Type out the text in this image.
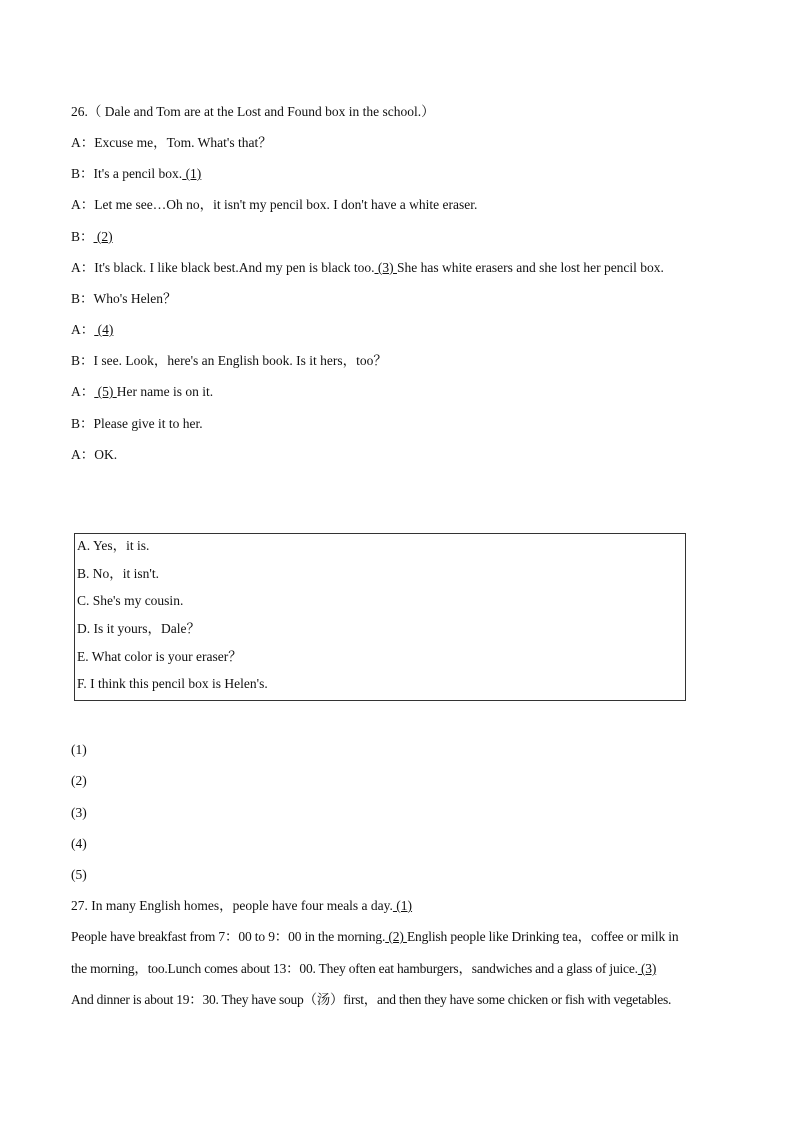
26.（ Dale and Tom are at the Lost and Found box in the school.）
A：Excuse me，Tom. What's that？
B：It's a pencil box. (1)
A：Let me see…Oh no，it isn't my pencil box. I don't have a white eraser.
B： (2)
A：It's black. I like black best.And my pen is black too. (3) She has white erasers and she lost her pencil box.
B：Who's Helen？
A： (4)
B：I see. Look，here's an English book. Is it hers，too？
A： (5) Her name is on it.
B：Please give it to her.
A：OK.
A. Yes，it is.
B. No，it isn't.
C. She's my cousin.
D. Is it yours，Dale？
E. What color is your eraser？
F. I think this pencil box is Helen's.
(1)
(2)
(3)
(4)
(5)
27. In many English homes，people have four meals a day. (1)
People have breakfast from 7：00 to 9：00 in the morning. (2) English people like Drinking tea，coffee or milk in
the morning，too.Lunch comes about 13：00. They often eat hamburgers，sandwiches and a glass of juice. (3)
And dinner is about 19：30. They have soup（汤）first，and then they have some chicken or fish with vegetables.
